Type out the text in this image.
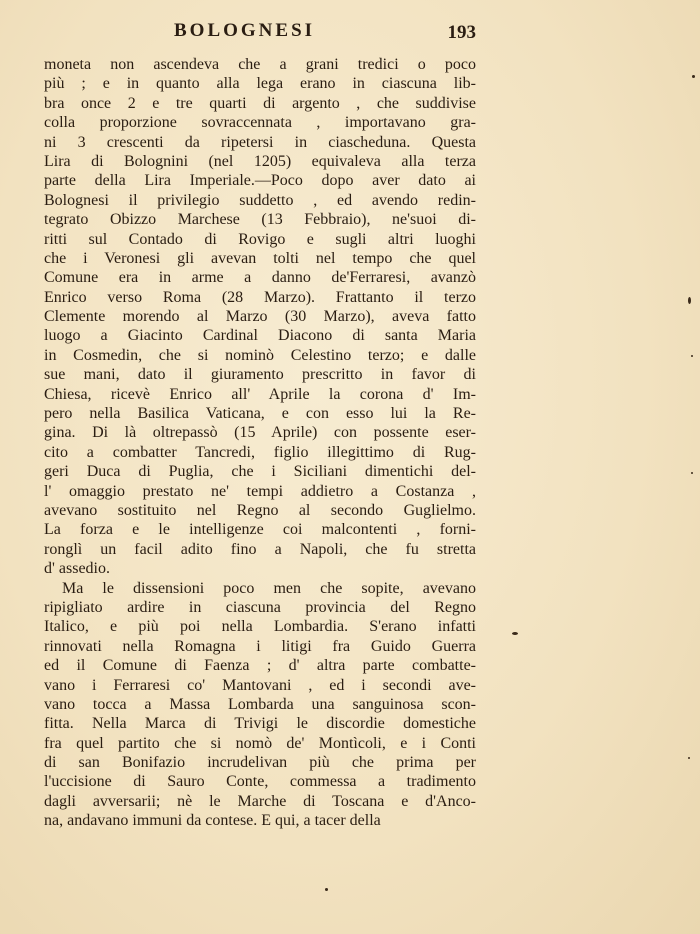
BOLOGNESI	193
moneta non ascendeva che a grani tredici o poco
più ; e in quanto alla lega erano in ciascuna lib-
bra once 2 e tre quarti di argento , che suddivise
colla proporzione sovraccennata , importavano gra-
ni 3 crescenti da ripetersi in ciascheduna. Questa
Lira di Bolognini (nel 1205) equivaleva alla terza
parte della Lira Imperiale.—Poco dopo aver dato ai
Bolognesi il privilegio suddetto , ed avendo redin-
tegrato Obizzo Marchese (13 Febbraio), ne'suoi di-
ritti sul Contado di Rovigo e sugli altri luoghi
che i Veronesi gli avevan tolti nel tempo che quel
Comune era in arme a danno de'Ferraresi, avanzò
Enrico verso Roma (28 Marzo). Frattanto il terzo
Clemente morendo al Marzo (30 Marzo), aveva fatto
luogo a Giacinto Cardinal Diacono di santa Maria
in Cosmedin, che si nominò Celestino terzo; e dalle
sue mani, dato il giuramento prescritto in favor di
Chiesa, ricevè Enrico all' Aprile la corona d' Im-
pero nella Basilica Vaticana, e con esso lui la Re-
gina. Di là oltrepassò (15 Aprile) con possente eser-
cito a combatter Tancredi, figlio illegittimo di Rug-
geri Duca di Puglia, che i Siciliani dimentichi del-
l' omaggio prestato ne' tempi addietro a Costanza ,
avevano sostituito nel Regno al secondo Guglielmo.
La forza e le intelligenze coi malcontenti , forni-
ronglì un facil adito fino a Napoli, che fu stretta
d' assedio.
Ma le dissensioni poco men che sopite, avevano
ripigliato ardire in ciascuna provincia del Regno
Italico, e più poi nella Lombardia. S'erano infatti
rinnovati nella Romagna i litigi fra Guido Guerra
ed il Comune di Faenza ; d' altra parte combatte-
vano i Ferraresi co' Mantovani , ed i secondi ave-
vano tocca a Massa Lombarda una sanguinosa scon-
fitta. Nella Marca di Trivigi le discordie domestiche
fra quel partito che si nomò de' Montìcoli, e i Conti
di san Bonifazio incrudelivan più che prima per
l'uccisione di Sauro Conte, commessa a tradimento
dagli avversarii; nè le Marche di Toscana e d'Anco-
na, andavano immuni da contese. E qui, a tacer della
